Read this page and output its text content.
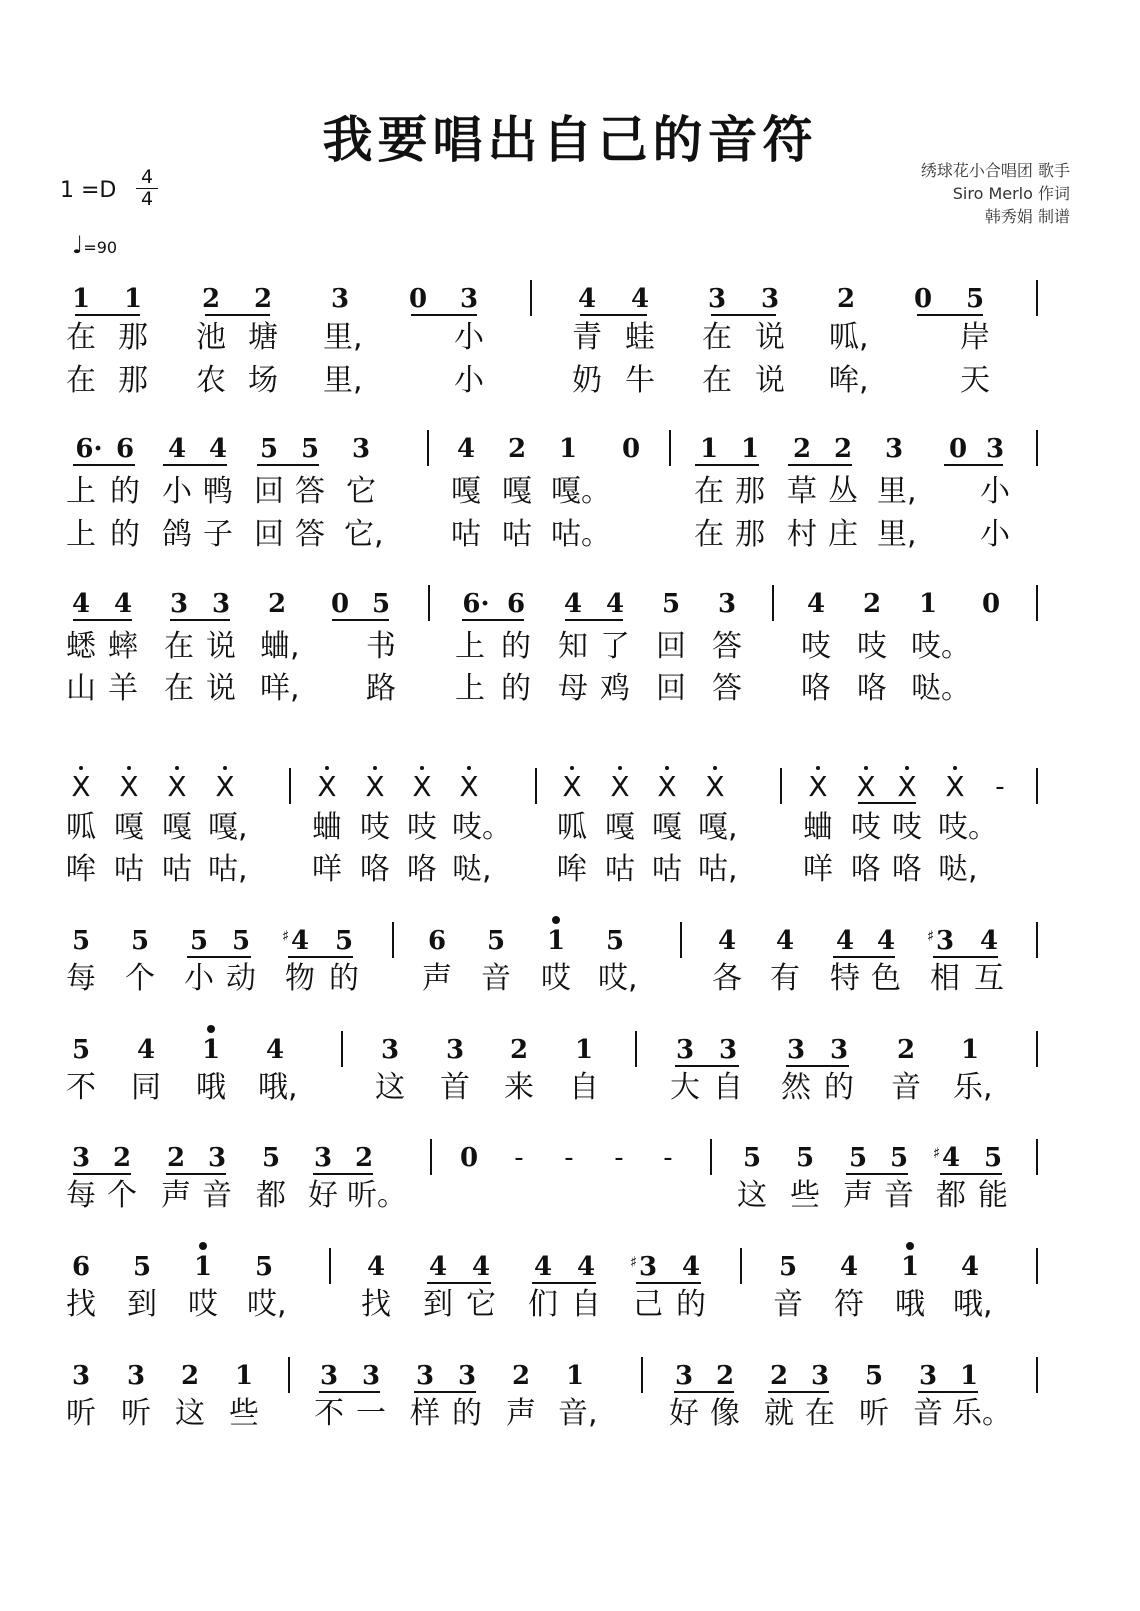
我要唱出自己的音符
绣球花小合唱团 歌手
Siro Merlo 作词
韩秀娟 制谱
$1 =D \frac{4}{4}$
♩=90
1	1	2	2	3	0	3	4	4	3	3	2	0	5
在 那 池 塘 里,	小	青 蛙 在 说 呱,	岸
在 那 农 场 里,	小	奶 牛 在 说 哞,	天
6· 6	4 4	5 5	3	4	2	1	0	1 1	2 2	3	0 3
上 的 小 鸭 回 答 它	嘎 嘎 嘎。	在 那 草 丛 里, 小
上 的 鸽 子 回 答 它, 咕 咕 咕。	在 那 村 庄 里, 小
4 4	3 3	2	0 5	6· 6	4 4	5	3	4	2	1	0
蟋 蟀 在 说 蛐, 书 上 的 知 了 回 答 吱 吱 吱。
山 羊 在 说 咩, 路 上 的 母 鸡 回 答 咯 咯 哒。
X X X X	X X X X	X X X X	X X X X	-
呱 嘎 嘎 嘎, 蛐 吱 吱 吱。 呱 嘎 嘎 嘎, 蛐 吱 吱 吱。
哞 咕 咕 咕, 咩 咯 咯 哒, 哞 咕 咕 咕, 咩 咯 咯 哒,
5	5	5 5	♯ 4 5	6	5	1	5	4	4	4 4	♯ 3 4
每 个 小 动 物 的 声 音 哎 哎, 各 有 特 色 相 互
5	4	1	4	3	3	2	1	3 3	3 3	2	1
不 同 哦 哦,	这 首 来 自 大 自 然 的 音 乐,
3 2	2 3	5	3 2	0	-	-	-	-	5	5	5 5	♯ 4 5
每 个 声 音 都 好 听。	这 些 声 音 都 能
6	5	1	5	4	4 4	4 4	♯ 3 4	5	4	1	4
找 到 哎 哎, 找 到 它 们 自 己 的 音 符 哦 哦,
3	3	2	1	3 3	3 3	2	1	3 2	2 3	5	3 1
听 听 这 些 不 一 样 的 声 音, 好 像 就 在 听 音 乐。
